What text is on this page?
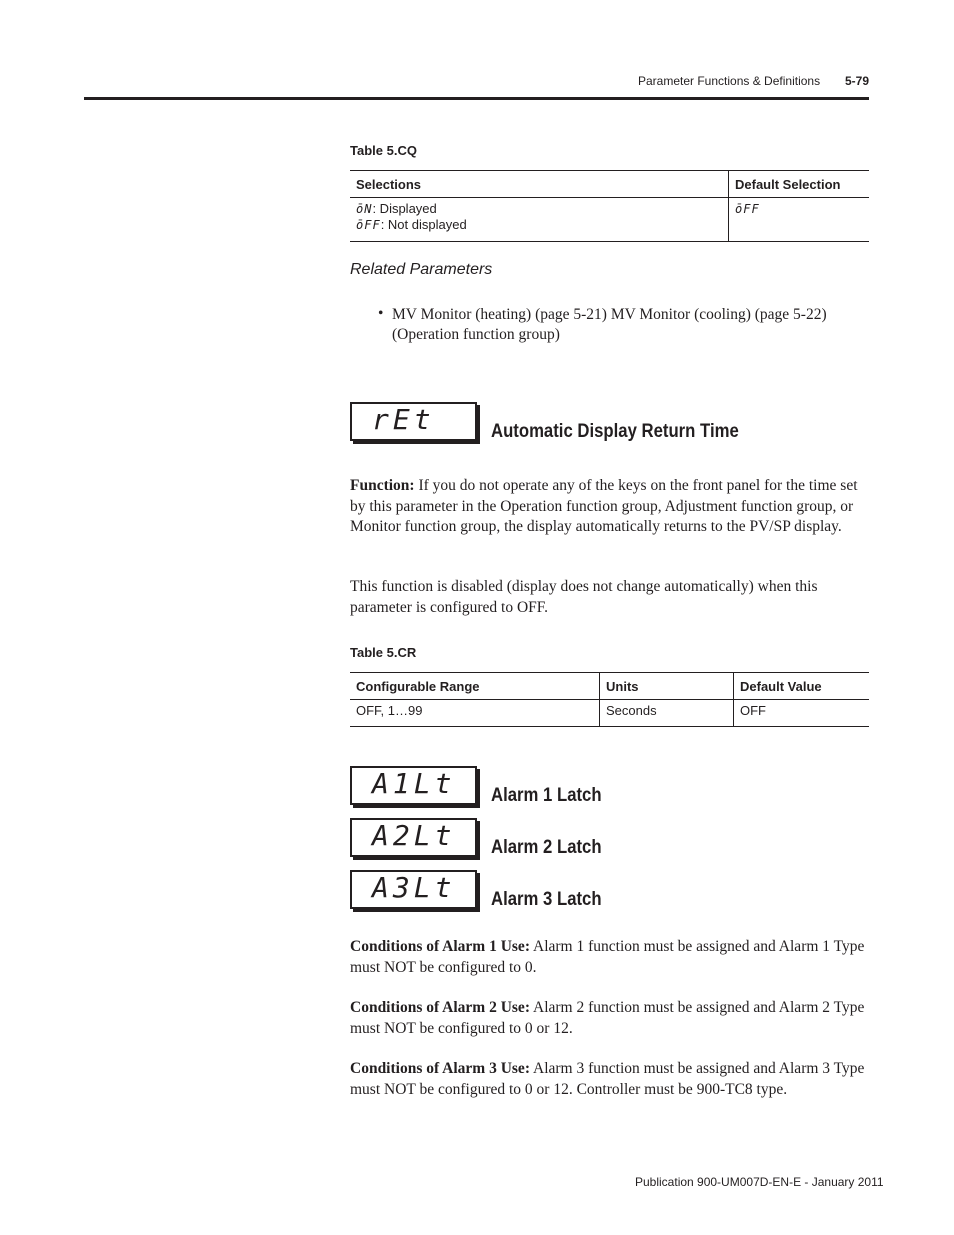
Parameter Functions & Definitions 5-79
Table 5.CQ
Selections	Default Selection
ōN: Displayed
ōFF: Not displayed	ōFF
Related Parameters
• MV Monitor (heating) (page 5-21) MV Monitor (cooling) (page 5-22) (Operation function group)
rEt	Automatic Display Return Time
Function: If you do not operate any of the keys on the front panel for the time set by this parameter in the Operation function group, Adjustment function group, or Monitor function group, the display automatically returns to the PV/SP display.
This function is disabled (display does not change automatically) when this parameter is configured to OFF.
Table 5.CR
Configurable Range	Units	Default Value
OFF, 1…99	Seconds	OFF
A1Lt Alarm 1 Latch
A2Lt Alarm 2 Latch
A3Lt Alarm 3 Latch
Conditions of Alarm 1 Use: Alarm 1 function must be assigned and Alarm 1 Type must NOT be configured to 0.
Conditions of Alarm 2 Use: Alarm 2 function must be assigned and Alarm 2 Type must NOT be configured to 0 or 12.
Conditions of Alarm 3 Use: Alarm 3 function must be assigned and Alarm 3 Type must NOT be configured to 0 or 12. Controller must be 900-TC8 type.
Publication 900-UM007D-EN-E - January 2011
